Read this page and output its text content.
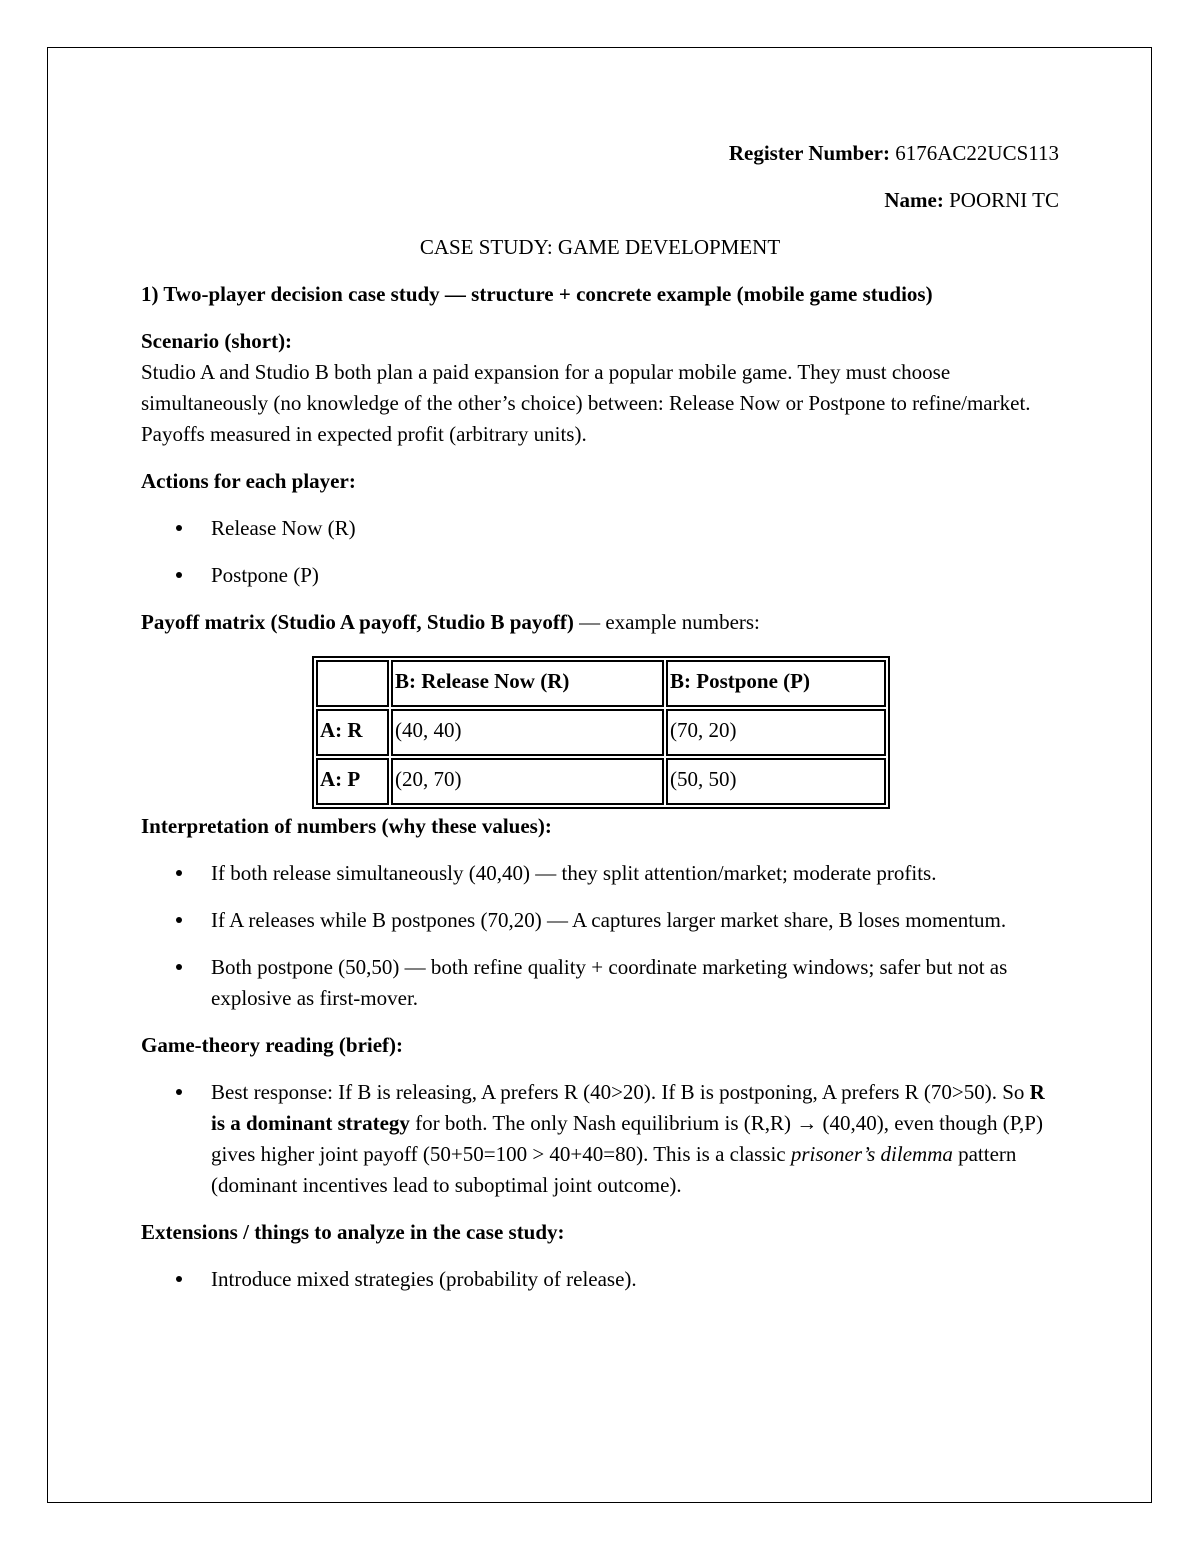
Register Number: 6176AC22UCS113

Name: POORNI TC

CASE STUDY: GAME DEVELOPMENT

1) Two-player decision case study — structure + concrete example (mobile game studios)

Scenario (short):

Studio A and Studio B both plan a paid expansion for a popular mobile game. They must choose simultaneously (no knowledge of the other’s choice) between: Release Now or Postpone to refine/market. Payoffs measured in expected profit (arbitrary units).

Actions for each player:

Release Now (R)
Postpone (P)

Payoff matrix (Studio A payoff, Studio B payoff) — example numbers:

	B: Release Now (R)	B: Postpone (P)
A: R	(40, 40)	(70, 20)
A: P	(20, 70)	(50, 50)

Interpretation of numbers (why these values):

If both release simultaneously (40,40) — they split attention/market; moderate profits.
If A releases while B postpones (70,20) — A captures larger market share, B loses momentum.
Both postpone (50,50) — both refine quality + coordinate marketing windows; safer but not as explosive as first-mover.

Game-theory reading (brief):

Best response: If B is releasing, A prefers R (40>20). If B is postponing, A prefers R (70>50). So R is a dominant strategy for both. The only Nash equilibrium is (R,R) → (40,40), even though (P,P) gives higher joint payoff (50+50=100 > 40+40=80). This is a classic prisoner’s dilemma pattern (dominant incentives lead to suboptimal joint outcome).

Extensions / things to analyze in the case study:

Introduce mixed strategies (probability of release).
